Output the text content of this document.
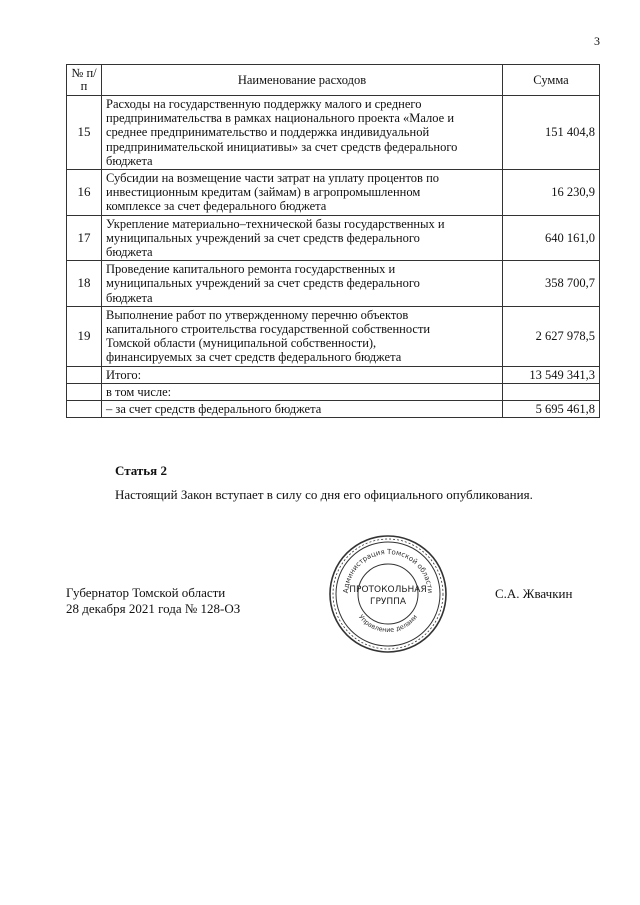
3
№ п/п	Наименование расходов	Сумма
15	Расходы на государственную поддержку малого и среднего
предпринимательства в рамках национального проекта «Малое и
среднее предпринимательство и поддержка индивидуальной
предпринимательской инициативы» за счет средств федерального
бюджета	151 404,8
16	Субсидии на возмещение части затрат на уплату процентов по
инвестиционным кредитам (займам) в агропромышленном
комплексе за счет федерального бюджета	16 230,9
17	Укрепление материально–технической базы государственных и
муниципальных учреждений за счет средств федерального
бюджета	640 161,0
18	Проведение капитального ремонта государственных и
муниципальных учреждений за счет средств федерального
бюджета	358 700,7
19	Выполнение работ по утвержденному перечню объектов
капитального строительства государственной собственности
Томской области (муниципальной собственности),
финансируемых за счет средств федерального бюджета	2 627 978,5
	Итого:	13 549 341,3
	в том числе:	
	– за счет средств федерального бюджета	5 695 461,8
Статья 2
Настоящий Закон вступает в силу со дня его официального опубликования.
Губернатор Томской области
28 декабря 2021 года № 128-ОЗ
С.А. Жвачкин
Администрация Томской области
Управление делами
ПРОТОКОЛЬНАЯ
ГРУППА
